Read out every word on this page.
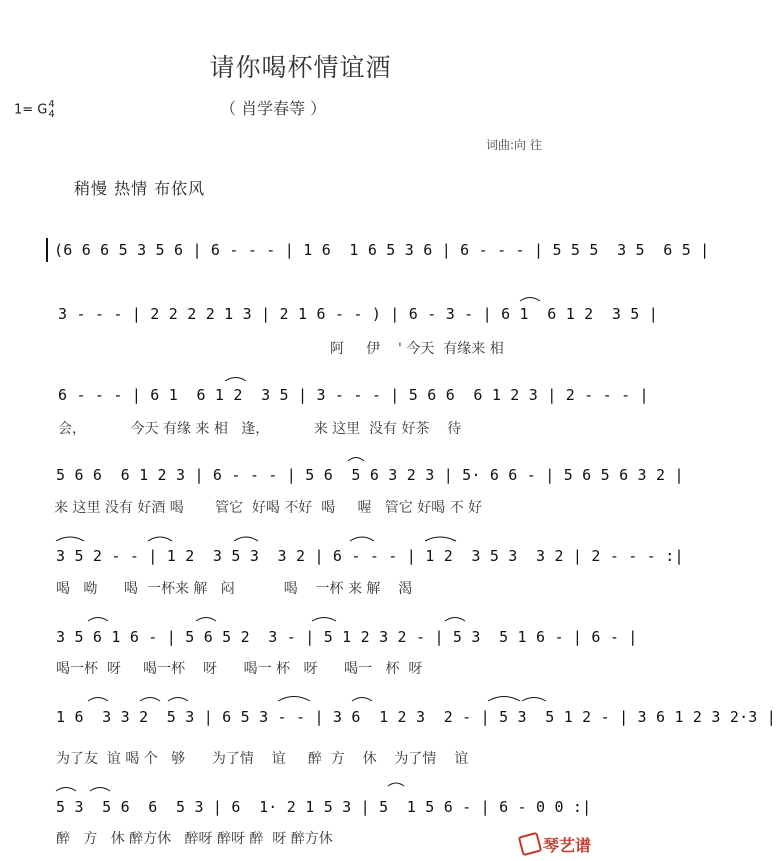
请你喝杯情谊酒
（ 肖学春等 ）
1= G 4
4
词曲:向 往
稍慢 热情 布依风
(6 6 6 5 3 5 6 | 6 - - - | 1 6  1 6 5 3 6 | 6 - - - | 5 5 5  3 5  6 5 |
3 - - - | 2 2 2 2 1 3 | 2 1 6 - - ) | 6 - 3 - | 6 1  6 1 2  3 5 |
阿     伊    ' 今天  有缘来 相
6 - - - | 6 1  6 1 2  3 5 | 3 - - - | 5 6 6  6 1 2 3 | 2 - - - |
会，          今天 有缘 来 相   逢，          来 这里  没有 好茶    待
5 6 6  6 1 2 3 | 6 - - - | 5 6  5 6 3 2 3 | 5· 6 6 - | 5 6 5 6 3 2 |
来 这里 没有 好酒 喝       管它  好喝 不好  喝     喔   管它 好喝 不 好
3 5 2 - - | 1 2  3 5 3  3 2 | 6 - - - | 1 2  3 5 3  3 2 | 2 - - - :|
喝   呦      喝  一杯来 解   闷           喝    一杯 来 解    渴
3 5 6 1 6 - | 5 6 5 2  3 - | 5 1 2 3 2 - | 5 3  5 1 6 - | 6 - |
喝一杯  呀     喝一杯    呀      喝一 杯   呀      喝一   杯  呀
1 6  3 3 2  5 3 | 6 5 3 - - | 3 6  1 2 3  2 - | 5 3  5 1 2 - | 3 6 1 2 3 2·3 |
为了友  谊 喝 个   够      为了情    谊     醉  方    休    为了情    谊
5 3  5 6  6  5 3 | 6  1· 2 1 5 3 | 5  1 5 6 - | 6 - 0 0 :|
醉   方   休 醉方休   醉呀 醉呀 醉  呀 醉方休	琴艺谱
